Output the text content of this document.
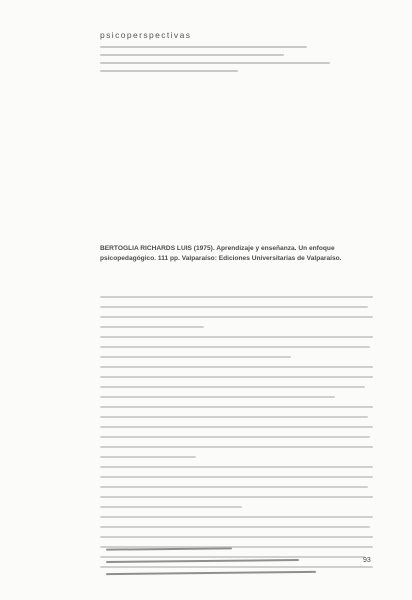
psicoperspectivas
BERTOGLIA RICHARDS LUIS (1975). Aprendizaje y enseñanza. Un enfoque psicopedagógico. 111 pp. Valparaíso: Ediciones Universitarias de Valparaíso.
93
